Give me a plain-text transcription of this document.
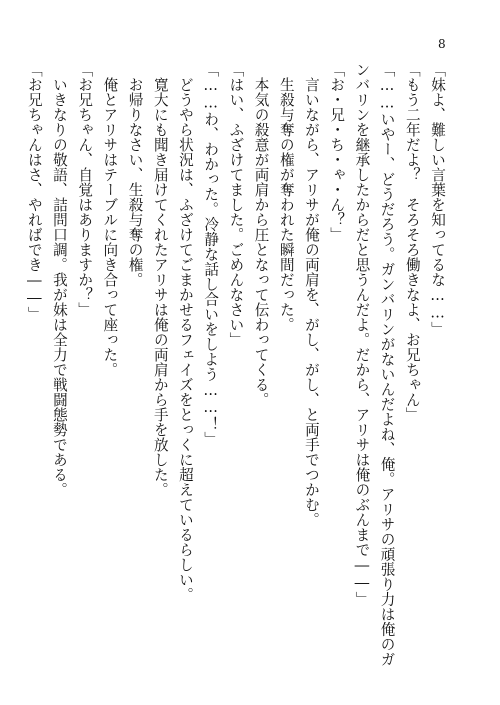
8
「妹よ、難しい言葉を知ってるな……」
「もう二年だよ？　そろそろ働きなよ、お兄ちゃん」
「……いやー、どうだろう。ガンバリンがないんだよね、俺。アリサの頑張り力は俺のガ
ンバリンを継承したからだと思うんだよ。だから、アリサは俺のぶんまで――」
「お・兄・ち・ゃ・ん？」
　言いながら、アリサが俺の両肩を、がし、がし、と両手でつかむ。
　生殺与奪の権が奪われた瞬間だった。
　本気の殺意が両肩から圧となって伝わってくる。
「はい、ふざけてました。ごめんなさい」
「……わ、わかった。冷静な話し合いをしよう……！」
　どうやら状況は、ふざけてごまかせるフェイズをとっくに超えているらしい。
　寛大にも聞き届けてくれたアリサは俺の両肩から手を放した。
　お帰りなさい、生殺与奪の権。
　俺とアリサはテーブルに向き合って座った。
「お兄ちゃん、自覚はありますか？」
　いきなりの敬語、詰問口調。我が妹は全力で戦闘態勢である。
「お兄ちゃんはさ、やればでき――」
